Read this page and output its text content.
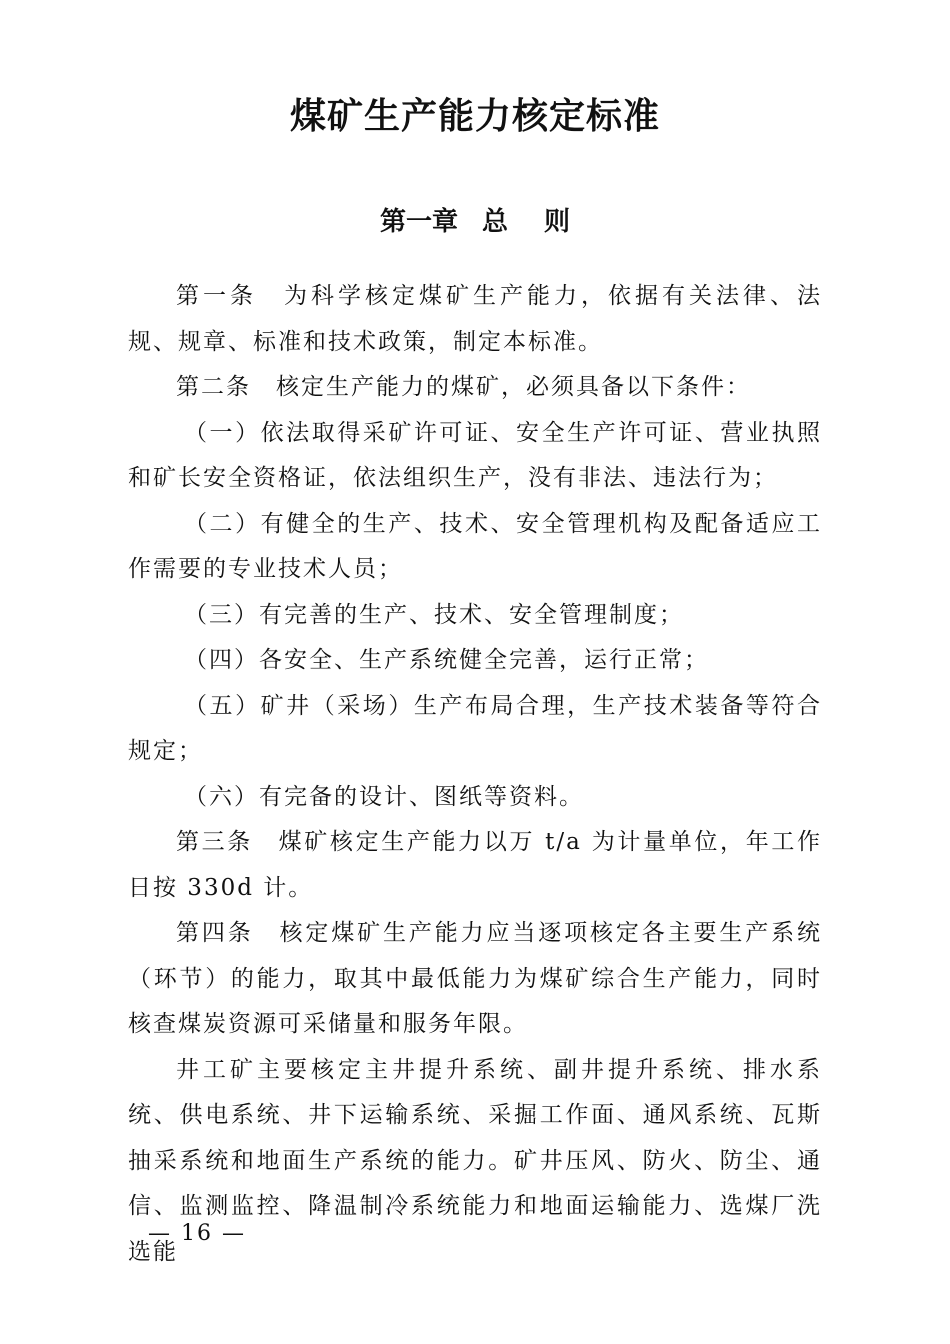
煤矿生产能力核定标准
第一章 总 则

第一条　为科学核定煤矿生产能力，依据有关法律、法规、规章、标准和技术政策，制定本标准。

第二条　核定生产能力的煤矿，必须具备以下条件：

（一）依法取得采矿许可证、安全生产许可证、营业执照和矿长安全资格证，依法组织生产，没有非法、违法行为；

（二）有健全的生产、技术、安全管理机构及配备适应工作需要的专业技术人员；

（三）有完善的生产、技术、安全管理制度；

（四）各安全、生产系统健全完善，运行正常；

（五）矿井（采场）生产布局合理，生产技术装备等符合规定；

（六）有完备的设计、图纸等资料。

第三条　煤矿核定生产能力以万 t/a 为计量单位，年工作日按 330d 计。

第四条　核定煤矿生产能力应当逐项核定各主要生产系统（环节）的能力，取其中最低能力为煤矿综合生产能力，同时核查煤炭资源可采储量和服务年限。

井工矿主要核定主井提升系统、副井提升系统、排水系统、供电系统、井下运输系统、采掘工作面、通风系统、瓦斯抽采系统和地面生产系统的能力。矿井压风、防火、防尘、通信、监测监控、降温制冷系统能力和地面运输能力、选煤厂洗选能

— 16 —
